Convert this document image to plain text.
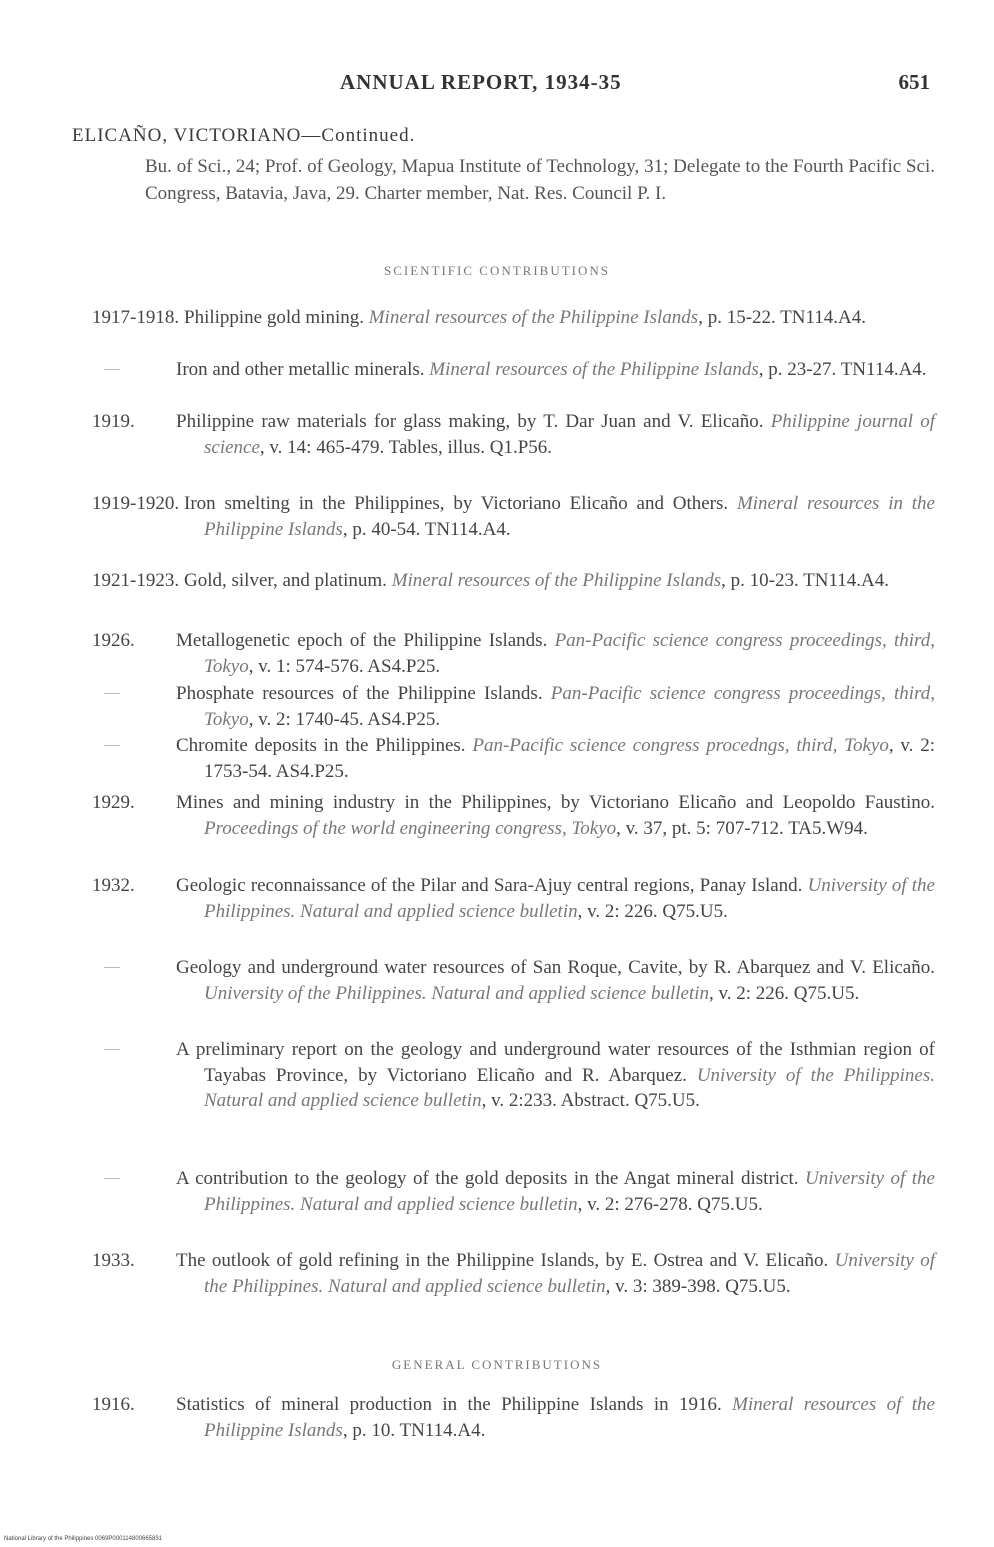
ANNUAL REPORT, 1934-35	651
ELICAÑO, VICTORIANO—Continued.
Bu. of Sci., 24; Prof. of Geology, Mapua Institute of Technology, 31; Delegate to the Fourth Pacific Sci. Congress, Batavia, Java, 29. Charter member, Nat. Res. Council P. I.
SCIENTIFIC CONTRIBUTIONS
1917-1918. Philippine gold mining. Mineral resources of the Philippine Islands, p. 15-22. TN114.A4.
Iron and other metallic minerals. Mineral resources of the Philippine Islands, p. 23-27. TN114.A4.
1919.	Philippine raw materials for glass making, by T. Dar Juan and V. Elicaño. Philippine journal of science, v. 14: 465-479. Tables, illus. Q1.P56.
1919-1920. Iron smelting in the Philippines, by Victoriano Elicaño and Others. Mineral resources in the Philippine Islands, p. 40-54. TN114.A4.
1921-1923. Gold, silver, and platinum. Mineral resources of the Philippine Islands, p. 10-23. TN114.A4.
1926.	Metallogenetic epoch of the Philippine Islands. Pan-Pacific science congress proceedings, third, Tokyo, v. 1: 574-576. AS4.P25.
Phosphate resources of the Philippine Islands. Pan-Pacific science congress proceedings, third, Tokyo, v. 2: 1740-45. AS4.P25.
Chromite deposits in the Philippines. Pan-Pacific science congress procedngs, third, Tokyo, v. 2: 1753-54. AS4.P25.
1929.	Mines and mining industry in the Philippines, by Victoriano Elicaño and Leopoldo Faustino. Proceedings of the world engineering congress, Tokyo, v. 37, pt. 5: 707-712. TA5.W94.
1932.	Geologic reconnaissance of the Pilar and Sara-Ajuy central regions, Panay Island. University of the Philippines. Natural and applied science bulletin, v. 2: 226. Q75.U5.
Geology and underground water resources of San Roque, Cavite, by R. Abarquez and V. Elicaño. University of the Philippines. Natural and applied science bulletin, v. 2: 226. Q75.U5.
A preliminary report on the geology and underground water resources of the Isthmian region of Tayabas Province, by Victoriano Elicaño and R. Abarquez. University of the Philippines. Natural and applied science bulletin, v. 2:233. Abstract. Q75.U5.
A contribution to the geology of the gold deposits in the Angat mineral district. University of the Philippines. Natural and applied science bulletin, v. 2: 276-278. Q75.U5.
1933.	The outlook of gold refining in the Philippine Islands, by E. Ostrea and V. Elicaño. University of the Philippines. Natural and applied science bulletin, v. 3: 389-398. Q75.U5.
GENERAL CONTRIBUTIONS
1916.	Statistics of mineral production in the Philippine Islands in 1916. Mineral resources of the Philippine Islands, p. 10. TN114.A4.
National Library of the Philippines 0069P000114800665831
